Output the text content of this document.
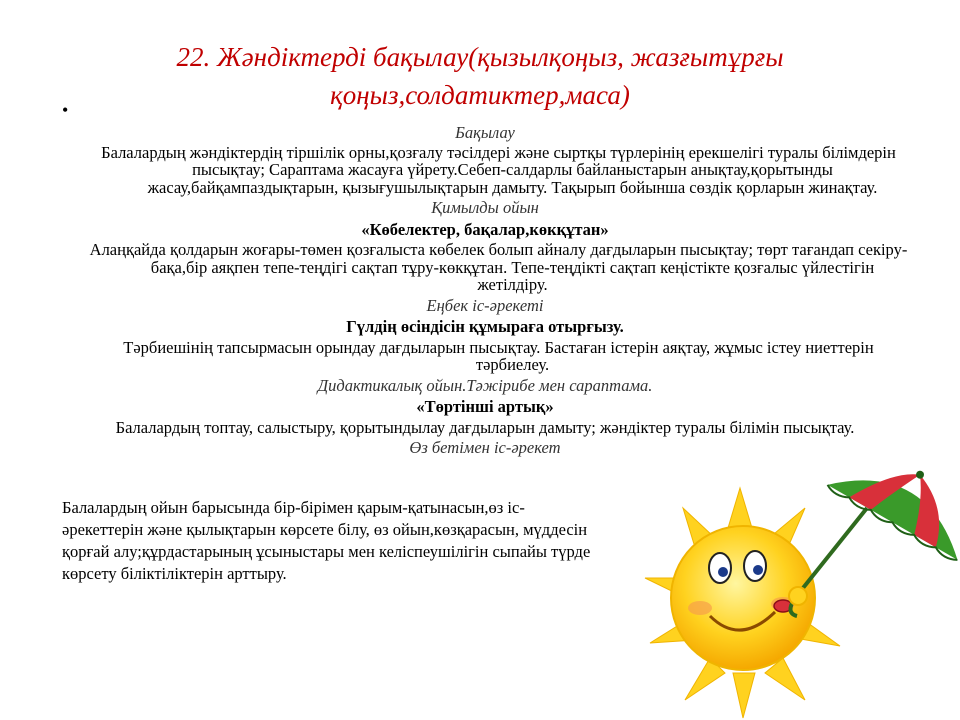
22. Жәндіктерді бақылау(қызылқоңыз, жазғытұрғы
қоңыз,солдатиктер,маса)
•

Бақылау

Балалардың жәндіктердің тіршілік орны,қозғалу тәсілдері және сыртқы түрлерінің ерекшелігі туралы білімдерін пысықтау; Сараптама жасауға үйрету.Себеп-салдарлы байланыстарын анықтау,қорытынды жасау,байқампаздықтарын, қызығушылықтарын дамыту. Тақырып бойынша сөздік қорларын жинақтау.

Қимылды ойын

«Көбелектер, бақалар,көкқұтан»

Алаңқайда қолдарын жоғары-төмен қозғалыста көбелек болып айналу дағдыларын пысықтау; төрт тағандап секіру-бақа,бір аяқпен тепе-теңдігі сақтап тұру-көкқұтан. Тепе-теңдікті сақтап кеңістікте қозғалыс үйлестігін жетілдіру.

Еңбек іс-әрекеті

Гүлдің өсіндісін құмыраға отырғызу.

Тәрбиешінің тапсырмасын орындау дағдыларын пысықтау. Бастаған істерін аяқтау, жұмыс істеу ниеттерін тәрбиелеу.

Дидактикалық ойын.Тәжірибе мен сараптама.

«Төртінші артық»

Балалардың топтау, салыстыру, қорытындылау дағдыларын дамыту; жәндіктер туралы білімін пысықтау.

Өз бетімен іс-әрекет

Балалардың ойын барысында бір-бірімен қарым-қатынасын,өз іс-әрекеттерін және қылықтарын көрсете білу, өз ойын,көзқарасын, мүддесін қорғай алу;құрдастарының ұсыныстары мен келіспеушілігін сыпайы түрде көрсету біліктіліктерін арттыру.
